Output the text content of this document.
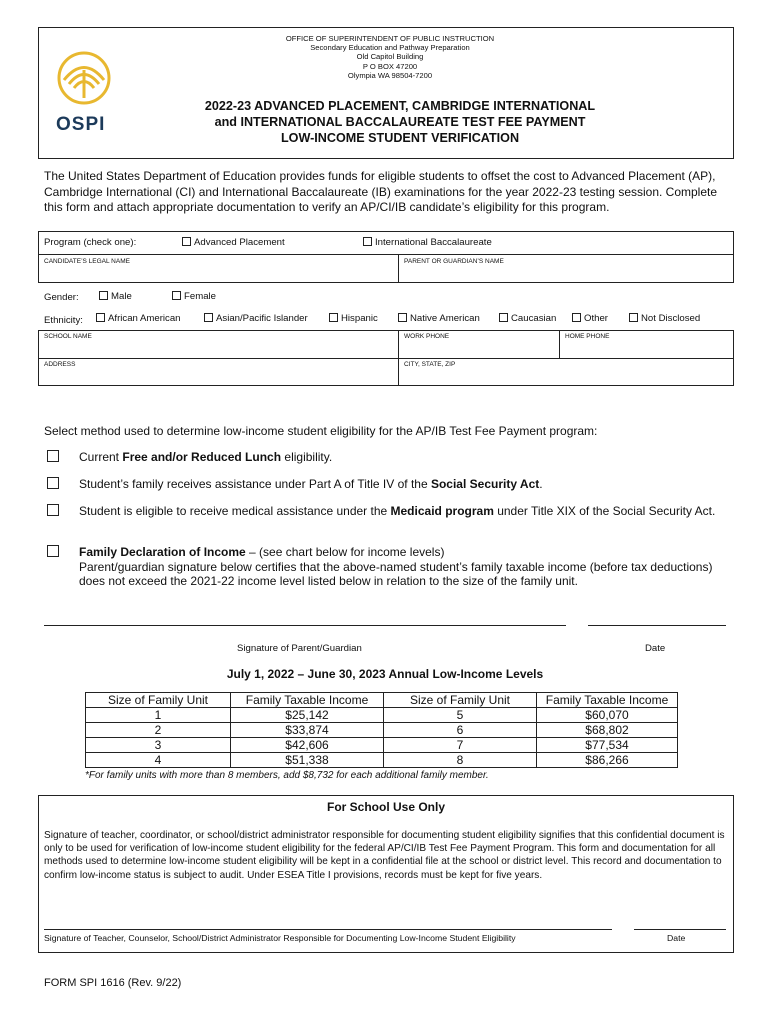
OSPI
OFFICE OF SUPERINTENDENT OF PUBLIC INSTRUCTION
Secondary Education and Pathway Preparation
Old Capitol Building
P O BOX 47200
Olympia WA 98504-7200
2022-23 ADVANCED PLACEMENT, CAMBRIDGE INTERNATIONAL
and INTERNATIONAL BACCALAUREATE TEST FEE PAYMENT
LOW-INCOME STUDENT VERIFICATION
The United States Department of Education provides funds for eligible students to offset the cost to Advanced Placement (AP), Cambridge International (CI) and International Baccalaureate (IB) examinations for the year 2022-23 testing session. Complete this form and attach appropriate documentation to verify an AP/CI/IB candidate’s eligibility for this program.
Program (check one):	Advanced Placement	International Baccalaureate
CANDIDATE’S LEGAL NAME	PARENT OR GUARDIAN’S NAME
Gender:	Male	Female
Ethnicity:	African American	Asian/Pacific Islander	Hispanic	Native American	Caucasian	Other	Not Disclosed
SCHOOL NAME	WORK PHONE	HOME PHONE
ADDRESS	CITY, STATE, ZIP
Select method used to determine low-income student eligibility for the AP/IB Test Fee Payment program:
Current Free and/or Reduced Lunch eligibility.
Student’s family receives assistance under Part A of Title IV of the Social Security Act.
Student is eligible to receive medical assistance under the Medicaid program under Title XIX of the Social Security Act.
Family Declaration of Income – (see chart below for income levels)
Parent/guardian signature below certifies that the above-named student’s family taxable income (before tax deductions) does not exceed the 2021-22 income level listed below in relation to the size of the family unit.
Signature of Parent/Guardian	Date
July 1, 2022 – June 30, 2023 Annual Low-Income Levels
Size of Family Unit	Family Taxable Income	Size of Family Unit	Family Taxable Income
1	$25,142	5	$60,070
2	$33,874	6	$68,802
3	$42,606	7	$77,534
4	$51,338	8	$86,266
*For family units with more than 8 members, add $8,732 for each additional family member.
For School Use Only
Signature of teacher, coordinator, or school/district administrator responsible for documenting student eligibility signifies that this confidential document is only to be used for verification of low-income student eligibility for the federal AP/CI/IB Test Fee Payment Program. This form and documentation for all methods used to determine low-income student eligibility will be kept in a confidential file at the school or district level. This record and documentation to confirm low-income status is subject to audit. Under ESEA Title I provisions, records must be kept for five years.
Signature of Teacher, Counselor, School/District Administrator Responsible for Documenting Low-Income Student Eligibility	Date
FORM SPI 1616 (Rev. 9/22)
